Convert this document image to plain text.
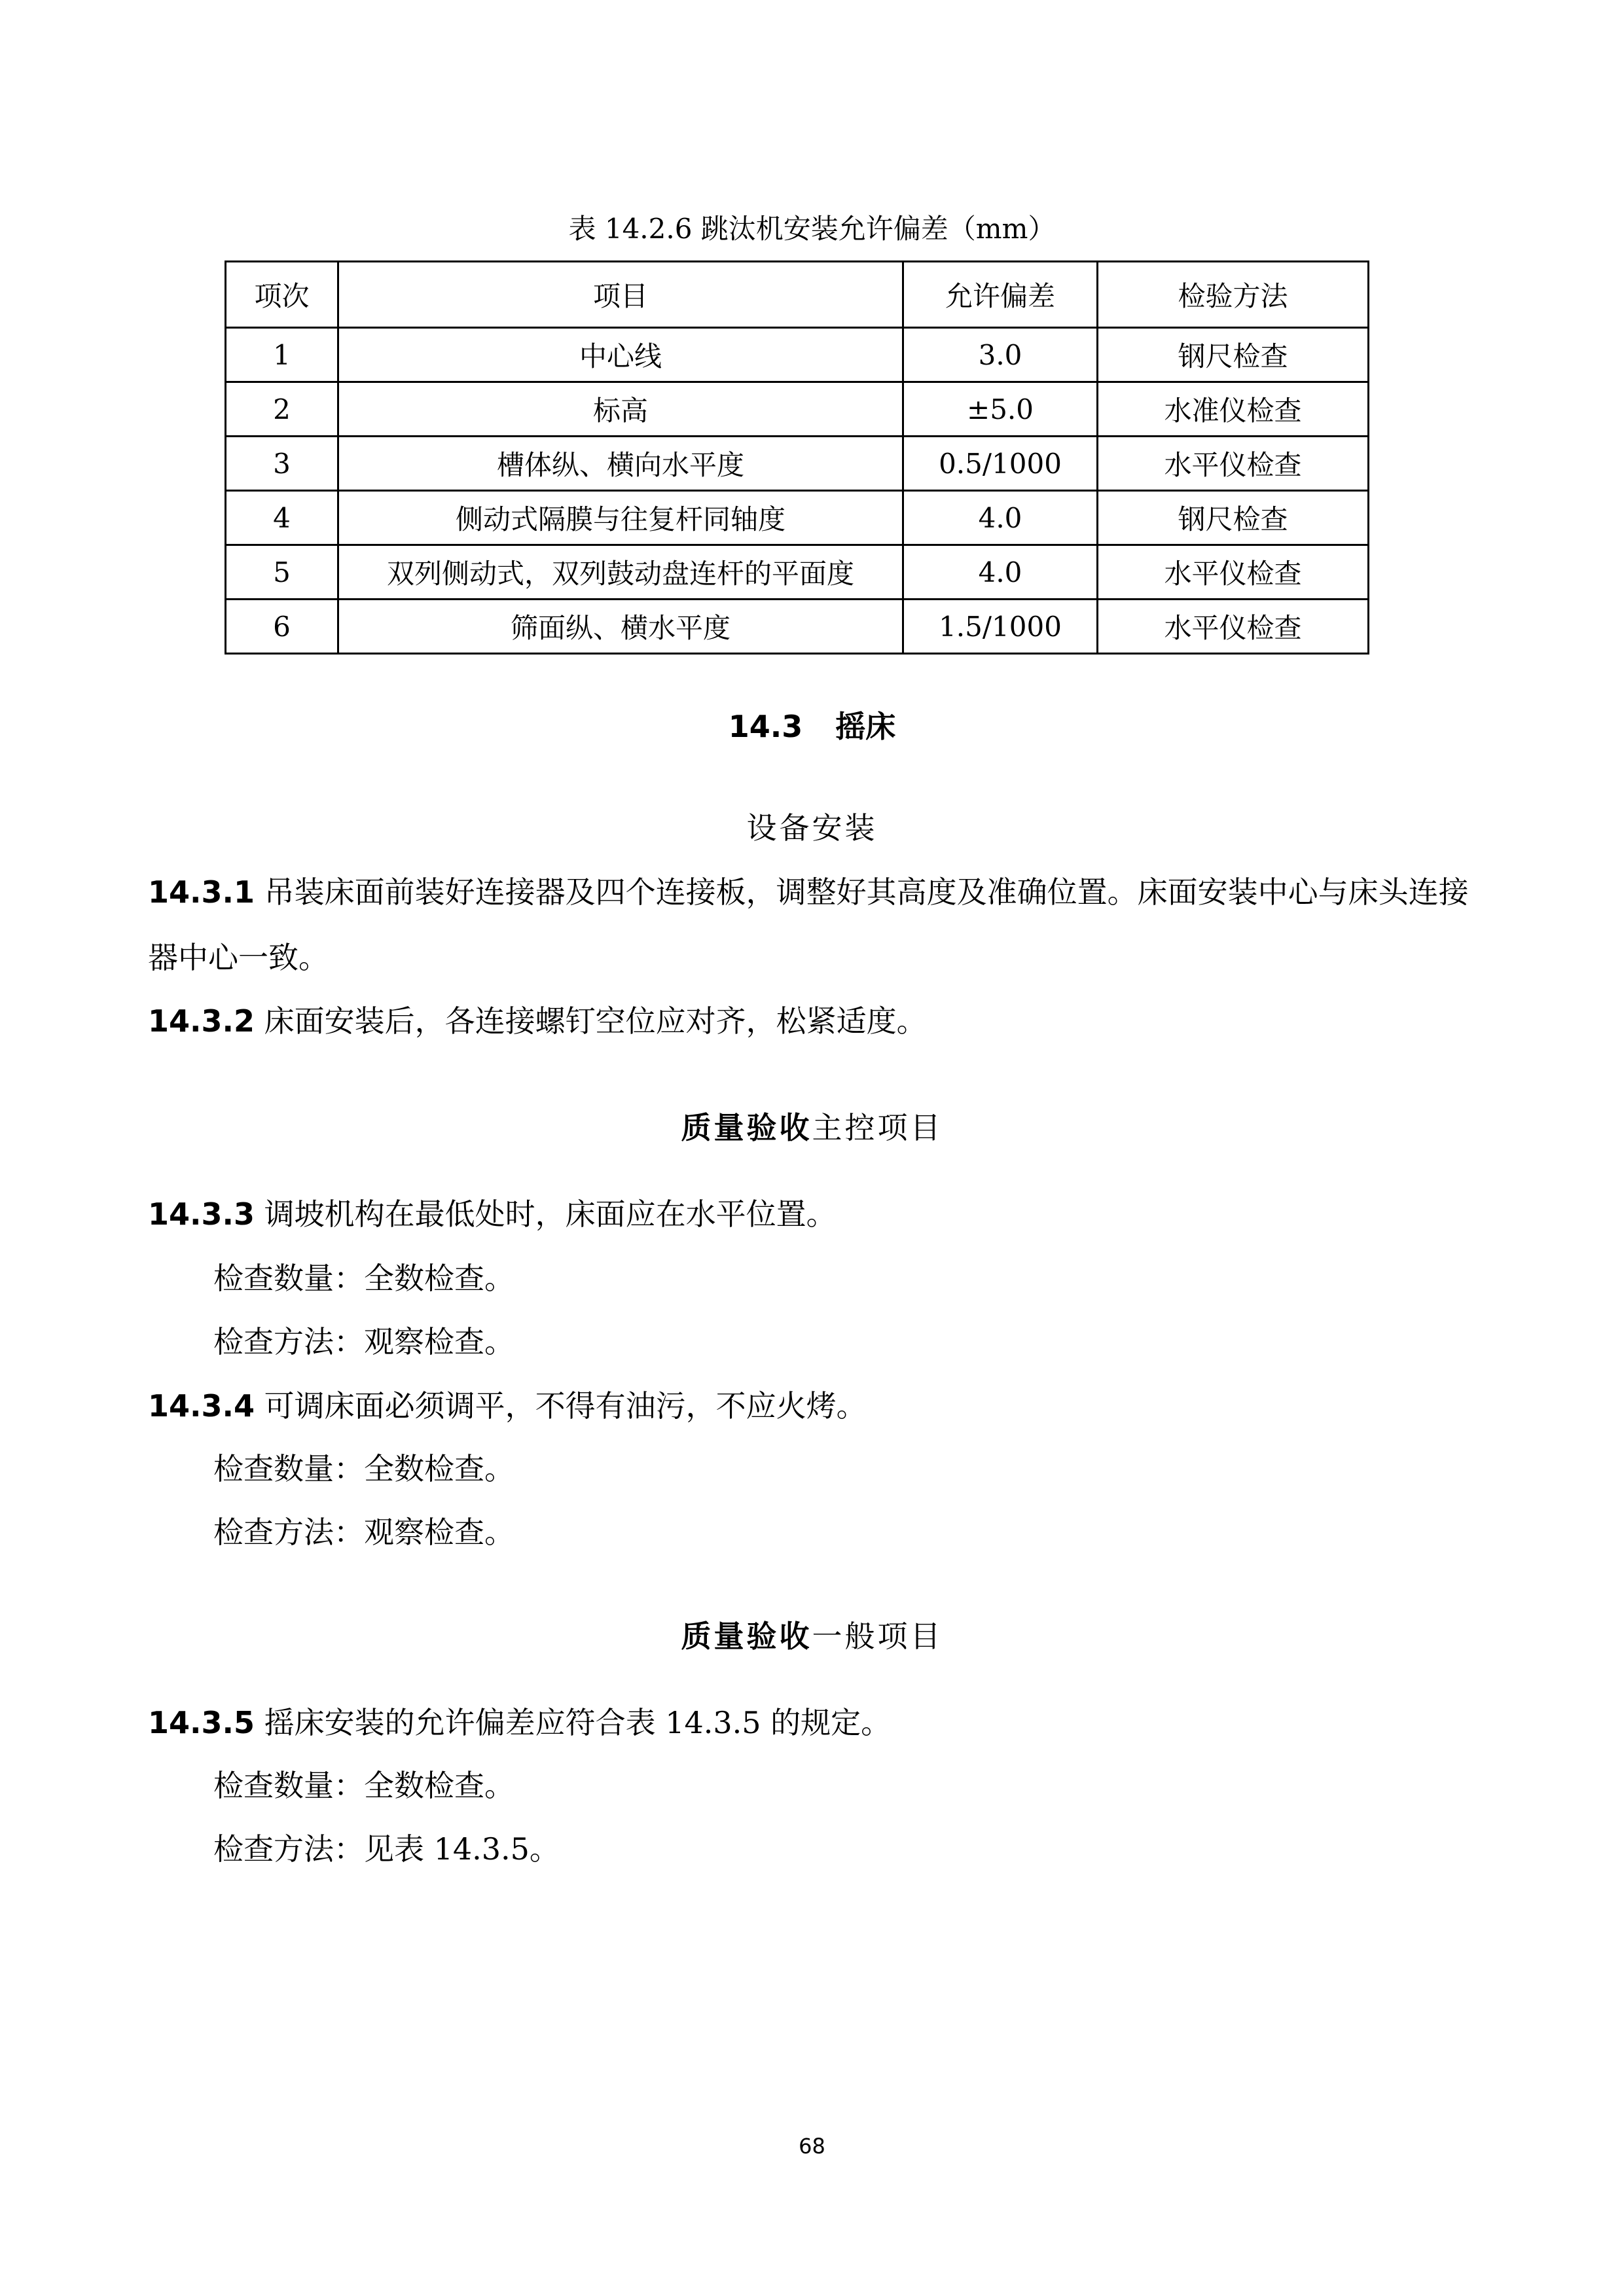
表 14.2.6 跳汰机安装允许偏差（mm）
项次	项目	允许偏差	检验方法
1	中心线	3.0	钢尺检查
2	标高	±5.0	水准仪检查
3	槽体纵、横向水平度	0.5/1000	水平仪检查
4	侧动式隔膜与往复杆同轴度	4.0	钢尺检查
5	双列侧动式，双列鼓动盘连杆的平面度	4.0	水平仪检查
6	筛面纵、横水平度	1.5/1000	水平仪检查
14.3 摇床
设备安装
14.3.1 吊装床面前装好连接器及四个连接板，调整好其高度及准确位置。床面安装中心与床头连接器中心一致。
14.3.2 床面安装后，各连接螺钉空位应对齐，松紧适度。
质量验收主控项目
14.3.3 调坡机构在最低处时，床面应在水平位置。
检查数量：全数检查。
检查方法：观察检查。
14.3.4 可调床面必须调平，不得有油污，不应火烤。
检查数量：全数检查。
检查方法：观察检查。
质量验收一般项目
14.3.5 摇床安装的允许偏差应符合表 14.3.5 的规定。
检查数量：全数检查。
检查方法：见表 14.3.5。
68
